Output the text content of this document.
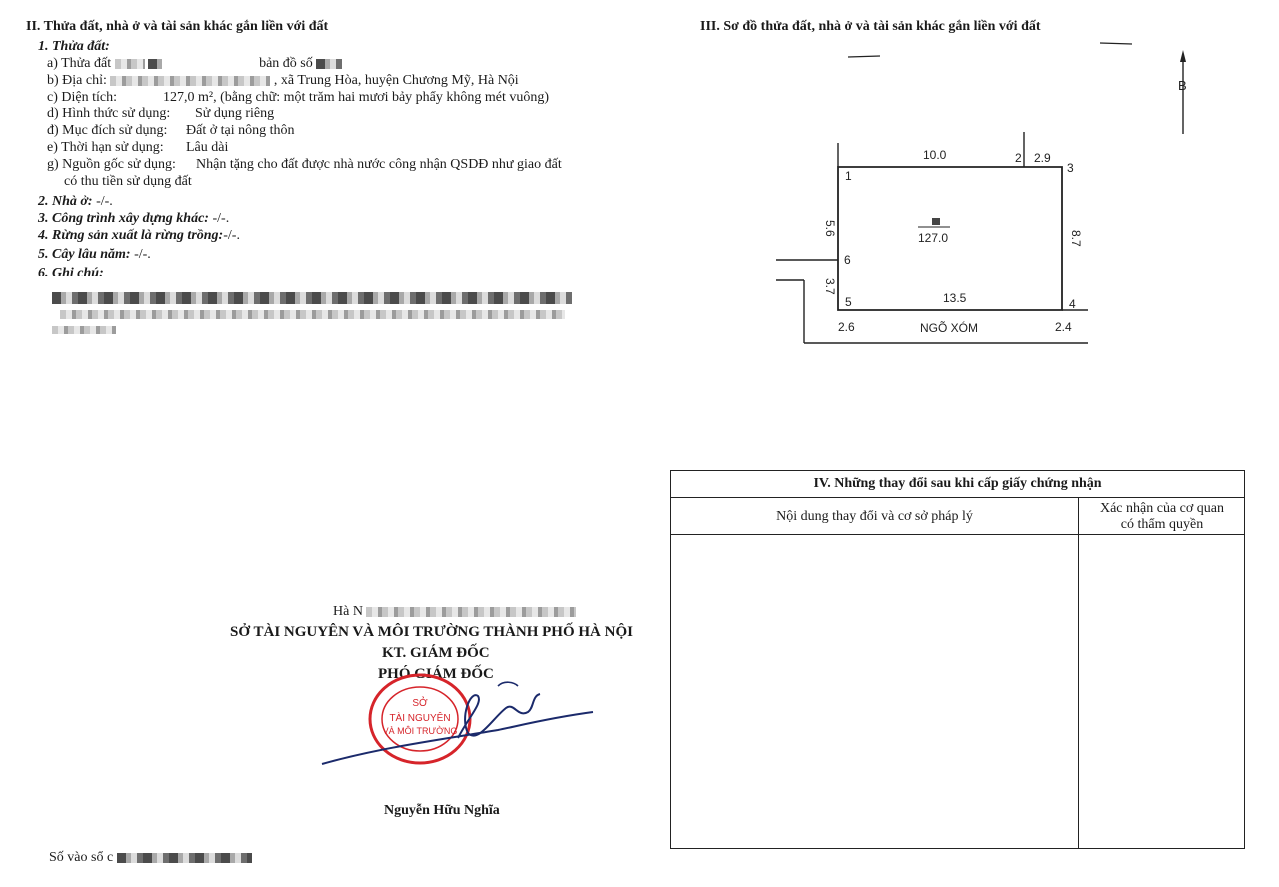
II. Thửa đất, nhà ở và tài sản khác gắn liền với đất
1. Thửa đất:
a) Thửa đất	bản đồ số
b) Địa chỉ:	, xã Trung Hòa, huyện Chương Mỹ, Hà Nội
c) Diện tích:	127,0 m², (bằng chữ: một trăm hai mươi bảy phẩy không mét vuông)
d) Hình thức sử dụng: Sử dụng riêng
đ) Mục đích sử dụng: Đất ở tại nông thôn
e) Thời hạn sử dụng: Lâu dài
g) Nguồn gốc sử dụng: Nhận tặng cho đất được nhà nước công nhận QSDĐ như giao đất
có thu tiền sử dụng đất
2. Nhà ở: -/-.
3. Công trình xây dựng khác: -/-.
4. Rừng sản xuất là rừng trồng:-/-.
5. Cây lâu năm: -/-.
6. Ghi chú:
Hà N
SỞ TÀI NGUYÊN VÀ MÔI TRƯỜNG THÀNH PHỐ HÀ NỘI
KT. GIÁM ĐỐC
PHÓ GIÁM ĐỐC
SỞ
TÀI NGUYÊN
VÀ MÔI TRƯỜNG
Nguyễn Hữu Nghĩa
Số vào sổ c
III. Sơ đồ thửa đất, nhà ở và tài sản khác gắn liền với đất
B
1
2
3
4
5
6
10.0	2.9
5.6
3.7
8.7
13.5
127.0
NGÕ XÓM
2.6	2.4
IV. Những thay đổi sau khi cấp giấy chứng nhận
Nội dung thay đổi và cơ sở pháp lý
Xác nhận của cơ quan
có thẩm quyền
